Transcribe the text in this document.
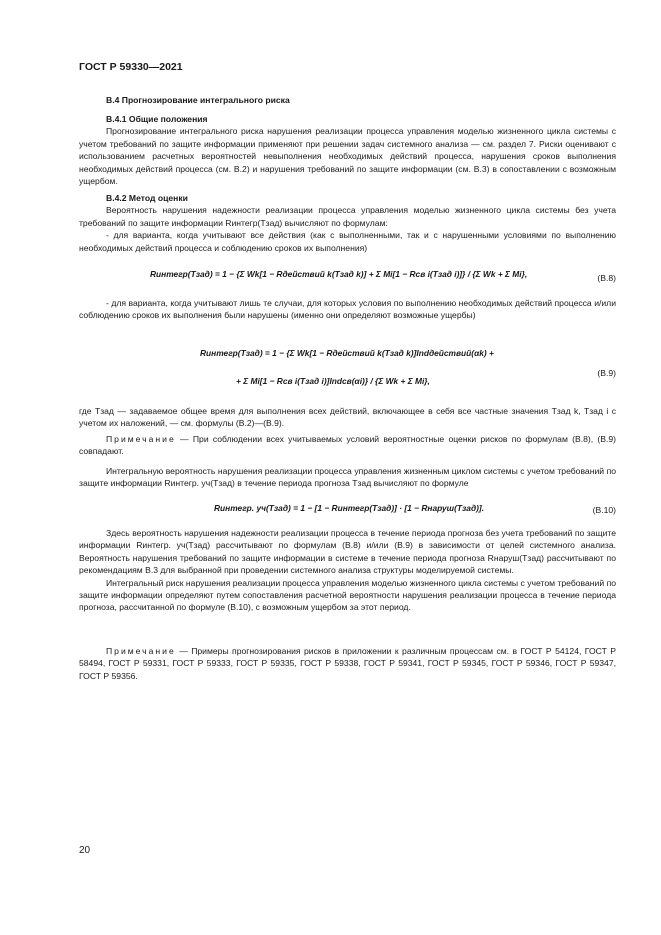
ГОСТ Р 59330—2021

В.4 Прогнозирование интегрального риска

В.4.1 Общие положения

Прогнозирование интегрального риска нарушения реализации процесса управления моделью жизненного цикла системы с учетом требований по защите информации применяют при решении задач системного анализа — см. раздел 7. Риски оценивают с использованием расчетных вероятностей невыполнения необходимых действий процесса, нарушения сроков выполнения необходимых действий процесса (см. В.2) и нарушения требований по защите информации (см. В.3) в сопоставлении с возможным ущербом.

В.4.2 Метод оценки

Вероятность нарушения надежности реализации процесса управления моделью жизненного цикла системы без учета требований по защите информации Rинтегр(Tзад) вычисляют по формулам:

- для варианта, когда учитывают все действия (как с выполненными, так и с нарушенными условиями по выполнению необходимых действий процесса и соблюдению сроков их выполнения)

Rинтегр(Tзад) = 1 − {Σ Wk[1 − Rдействий k(Tзад k)] + Σ Mi[1 − Rсв i(Tзад i)]} / {Σ Wk + Σ Mi},	(В.8)

- для варианта, когда учитывают лишь те случаи, для которых условия по выполнению необходимых действий процесса и/или соблюдению сроков их выполнения были нарушены (именно они определяют возможные ущербы)

Rинтегр(Tзад) = 1 − {Σ Wk[1 − Rдействий k(Tзад k)]Indдействий(αk) +
+ Σ Mi[1 − Rсв i(Tзад i)]Indсв(αi)} / {Σ Wk + Σ Mi},
(В.9)

где Tзад — задаваемое общее время для выполнения всех действий, включающее в себя все частные значения Tзад k, Tзад i с учетом их наложений, — см. формулы (В.2)—(В.9).

Примечание — При соблюдении всех учитываемых условий вероятностные оценки рисков по формулам (В.8), (В.9) совпадают.

Интегральную вероятность нарушения реализации процесса управления жизненным циклом системы с учетом требований по защите информации Rинтегр. уч(Tзад) в течение периода прогноза Tзад вычисляют по формуле

Rинтегр. уч(Tзад) = 1 − [1 − Rинтегр(Tзад)] · [1 − Rнаруш(Tзад)].	(В.10)

Здесь вероятность нарушения надежности реализации процесса в течение периода прогноза без учета требований по защите информации Rинтегр. уч(Tзад) рассчитывают по формулам (В.8) и/или (В.9) в зависимости от целей системного анализа. Вероятность нарушения требований по защите информации в системе в течение периода прогноза Rнаруш(Tзад) рассчитывают по рекомендациям В.3 для выбранной при проведении системного анализа структуры моделируемой системы.

Интегральный риск нарушения реализации процесса управления моделью жизненного цикла системы с учетом требований по защите информации определяют путем сопоставления расчетной вероятности нарушения реализации процесса в течение периода прогноза, рассчитанной по формуле (В.10), с возможным ущербом за этот период.

Примечание — Примеры прогнозирования рисков в приложении к различным процессам см. в ГОСТ Р 54124, ГОСТ Р 58494, ГОСТ Р 59331, ГОСТ Р 59333, ГОСТ Р 59335, ГОСТ Р 59338, ГОСТ Р 59341, ГОСТ Р 59345, ГОСТ Р 59346, ГОСТ Р 59347, ГОСТ Р 59356.

20
